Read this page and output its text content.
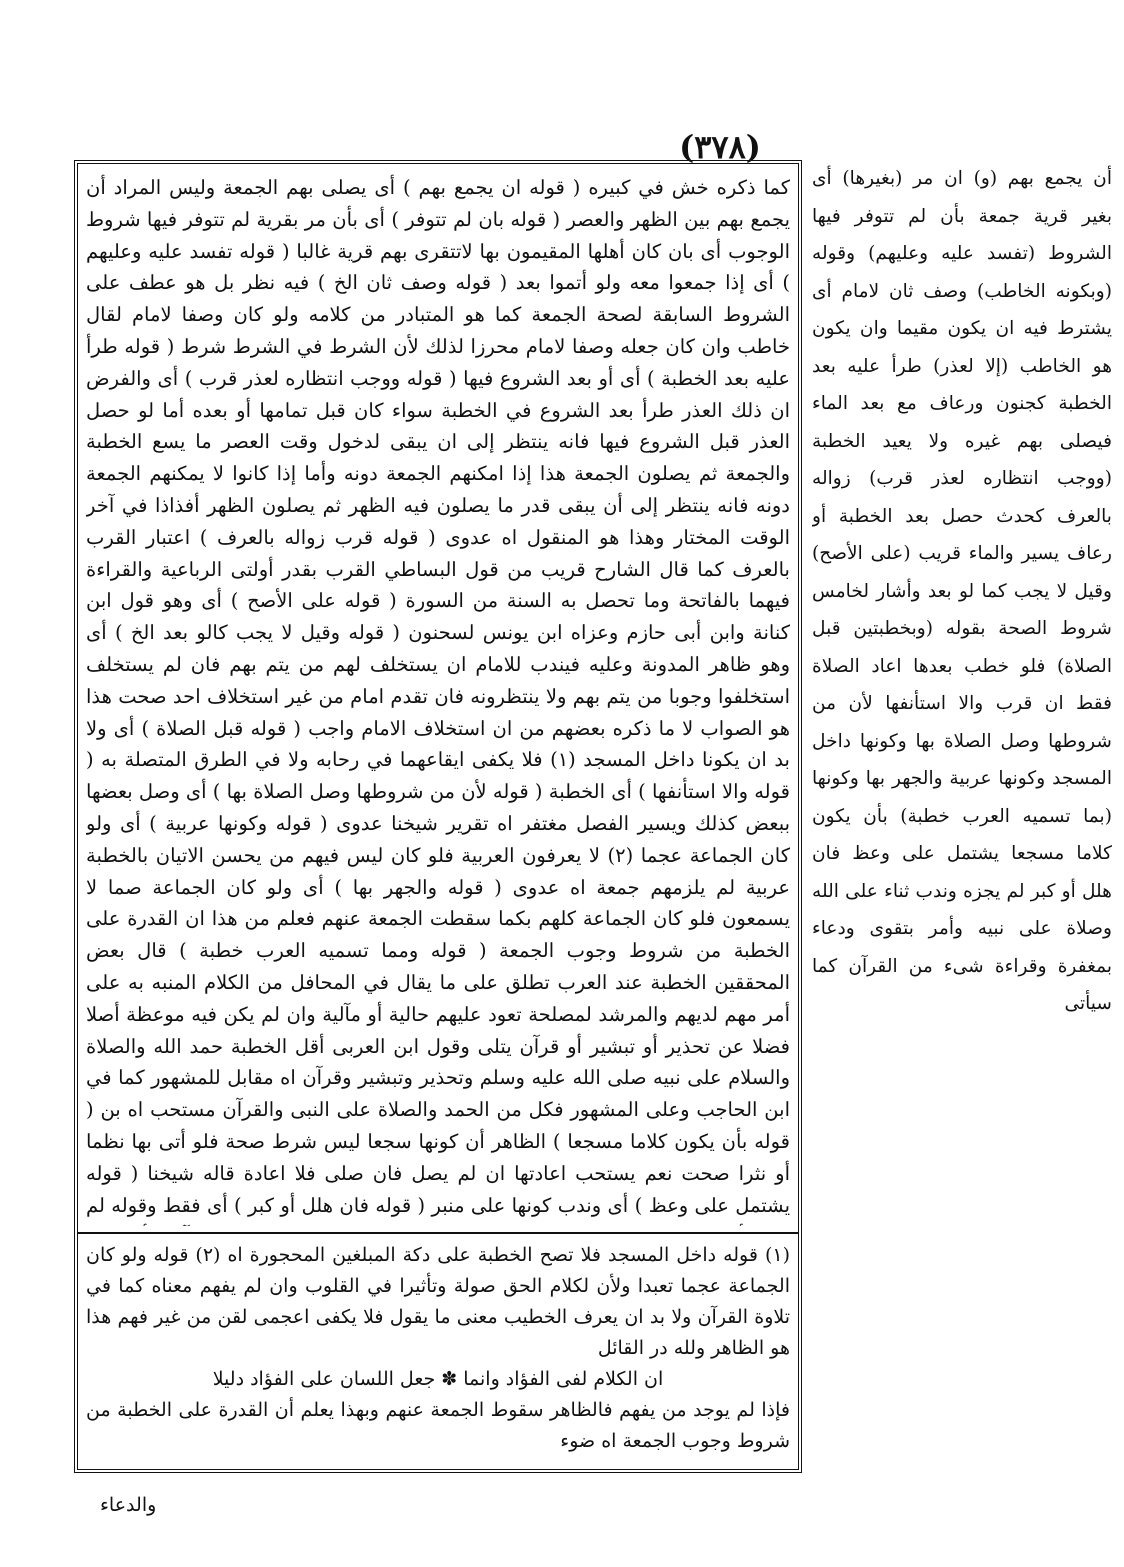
(٣٧٨)

كما ذكره خش في كبيره ( قوله ان يجمع بهم ) أى يصلى بهم الجمعة وليس المراد أن يجمع بهم بين الظهر والعصر ( قوله بان لم تتوفر ) أى بأن مر بقرية لم تتوفر فيها شروط الوجوب أى بان كان أهلها المقيمون بها لاتتقرى بهم قرية غالبا ( قوله تفسد عليه وعليهم ) أى إذا جمعوا معه ولو أتموا بعد ( قوله وصف ثان الخ ) فيه نظر بل هو عطف على الشروط السابقة لصحة الجمعة كما هو المتبادر من كلامه ولو كان وصفا لامام لقال خاطب وان كان جعله وصفا لامام محرزا لذلك لأن الشرط في الشرط شرط ( قوله طرأ عليه بعد الخطبة ) أى أو بعد الشروع فيها ( قوله ووجب انتظاره لعذر قرب ) أى والفرض ان ذلك العذر طرأ بعد الشروع في الخطبة سواء كان قبل تمامها أو بعده أما لو حصل العذر قبل الشروع فيها فانه ينتظر إلى ان يبقى لدخول وقت العصر ما يسع الخطبة والجمعة ثم يصلون الجمعة هذا إذا امكنهم الجمعة دونه وأما إذا كانوا لا يمكنهم الجمعة دونه فانه ينتظر إلى أن يبقى قدر ما يصلون فيه الظهر ثم يصلون الظهر أفذاذا في آخر الوقت المختار وهذا هو المنقول اه عدوى ( قوله قرب زواله بالعرف ) اعتبار القرب بالعرف كما قال الشارح قريب من قول البساطي القرب بقدر أولتى الرباعية والقراءة فيهما بالفاتحة وما تحصل به السنة من السورة ( قوله على الأصح ) أى وهو قول ابن كنانة وابن أبى حازم وعزاه ابن يونس لسحنون ( قوله وقيل لا يجب كالو بعد الخ ) أى وهو ظاهر المدونة وعليه فيندب للامام ان يستخلف لهم من يتم بهم فان لم يستخلف استخلفوا وجوبا من يتم بهم ولا ينتظرونه فان تقدم امام من غير استخلاف احد صحت هذا هو الصواب لا ما ذكره بعضهم من ان استخلاف الامام واجب ( قوله قبل الصلاة ) أى ولا بد ان يكونا داخل المسجد (١) فلا يكفى ايقاعهما في رحابه ولا في الطرق المتصلة به ( قوله والا استأنفها ) أى الخطبة ( قوله لأن من شروطها وصل الصلاة بها ) أى وصل بعضها ببعض كذلك ويسير الفصل مغتفر اه تقرير شيخنا عدوى ( قوله وكونها عربية ) أى ولو كان الجماعة عجما (٢) لا يعرفون العربية فلو كان ليس فيهم من يحسن الاتيان بالخطبة عربية لم يلزمهم جمعة اه عدوى ( قوله والجهر بها ) أى ولو كان الجماعة صما لا يسمعون فلو كان الجماعة كلهم بكما سقطت الجمعة عنهم فعلم من هذا ان القدرة على الخطبة من شروط وجوب الجمعة ( قوله ومما تسميه العرب خطبة ) قال بعض المحققين الخطبة عند العرب تطلق على ما يقال في المحافل من الكلام المنبه به على أمر مهم لديهم والمرشد لمصلحة تعود عليهم حالية أو مآلية وان لم يكن فيه موعظة أصلا فضلا عن تحذير أو تبشير أو قرآن يتلى وقول ابن العربى أقل الخطبة حمد الله والصلاة والسلام على نبيه صلى الله عليه وسلم وتحذير وتبشير وقرآن اه مقابل للمشهور كما في ابن الحاجب وعلى المشهور فكل من الحمد والصلاة على النبى والقرآن مستحب اه بن ( قوله بأن يكون كلاما مسجعا ) الظاهر أن كونها سجعا ليس شرط صحة فلو أتى بها نظما أو نثرا صحت نعم يستحب اعادتها ان لم يصل فان صلى فلا اعادة قاله شيخنا ( قوله يشتمل على وعظ ) أى وندب كونها على منبر ( قوله فان هلل أو كبر ) أى فقط وقوله لم

(١) قوله داخل المسجد فلا تصح الخطبة على دكة المبلغين المحجورة اه (٢) قوله ولو كان الجماعة عجما تعبدا ولأن لكلام الحق صولة وتأثيرا في القلوب وان لم يفهم معناه كما في تلاوة القرآن ولا بد ان يعرف الخطيب معنى ما يقول فلا يكفى اعجمى لقن من غير فهم هذا هو الظاهر ولله در القائل

ان الكلام لفى الفؤاد وانما ✽ جعل اللسان على الفؤاد دليلا

فإذا لم يوجد من يفهم فالظاهر سقوط الجمعة عنهم وبهذا يعلم أن القدرة على الخطبة من شروط وجوب الجمعة اه ضوء

أن يجمع بهم (و) ان مر (بغيرها) أى بغير قرية جمعة بأن لم تتوفر فيها الشروط (تفسد عليه وعليهم) وقوله (وبكونه الخاطب) وصف ثان لامام أى يشترط فيه ان يكون مقيما وان يكون هو الخاطب (إلا لعذر) طرأ عليه بعد الخطبة كجنون ورعاف مع بعد الماء فيصلى بهم غيره ولا يعيد الخطبة (ووجب انتظاره لعذر قرب) زواله بالعرف كحدث حصل بعد الخطبة أو رعاف يسير والماء قريب (على الأصح) وقيل لا يجب كما لو بعد وأشار لخامس شروط الصحة بقوله (وبخطبتين قبل الصلاة) فلو خطب بعدها اعاد الصلاة فقط ان قرب والا استأنفها لأن من شروطها وصل الصلاة بها وكونها داخل المسجد وكونها عربية والجهر بها وكونها (بما تسميه العرب خطبة) بأن يكون كلاما مسجعا يشتمل على وعظ فان هلل أو كبر لم يجزه وندب ثناء على الله وصلاة على نبيه وأمر بتقوى ودعاء بمغفرة وقراءة شىء من القرآن كما سيأتى

والدعاء
